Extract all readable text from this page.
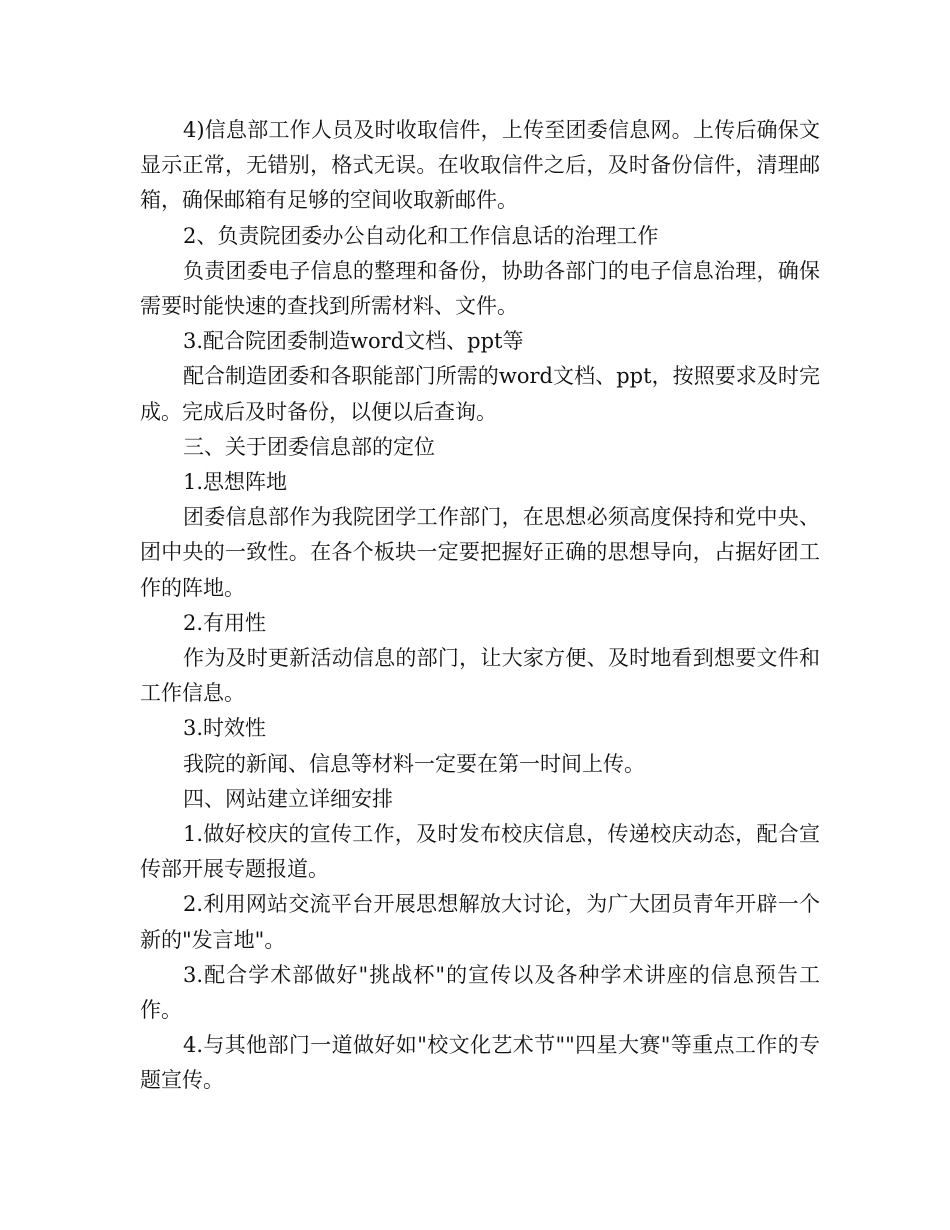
4)信息部工作人员及时收取信件，上传至团委信息网。上传后确保文显示正常，无错别，格式无误。在收取信件之后，及时备份信件，清理邮箱，确保邮箱有足够的空间收取新邮件。

2、负责院团委办公自动化和工作信息话的治理工作

负责团委电子信息的整理和备份，协助各部门的电子信息治理，确保需要时能快速的查找到所需材料、文件。

3.配合院团委制造word文档、ppt等

配合制造团委和各职能部门所需的word文档、ppt，按照要求及时完成。完成后及时备份，以便以后查询。

三、关于团委信息部的定位

1.思想阵地

团委信息部作为我院团学工作部门，在思想必须高度保持和党中央、团中央的一致性。在各个板块一定要把握好正确的思想导向，占据好团工作的阵地。

2.有用性

作为及时更新活动信息的部门，让大家方便、及时地看到想要文件和工作信息。

3.时效性

我院的新闻、信息等材料一定要在第一时间上传。

四、网站建立详细安排

1.做好校庆的宣传工作，及时发布校庆信息，传递校庆动态，配合宣传部开展专题报道。

2.利用网站交流平台开展思想解放大讨论，为广大团员青年开辟一个新的"发言地"。

3.配合学术部做好"挑战杯"的宣传以及各种学术讲座的信息预告工作。

4.与其他部门一道做好如"校文化艺术节""四星大赛"等重点工作的专题宣传。
